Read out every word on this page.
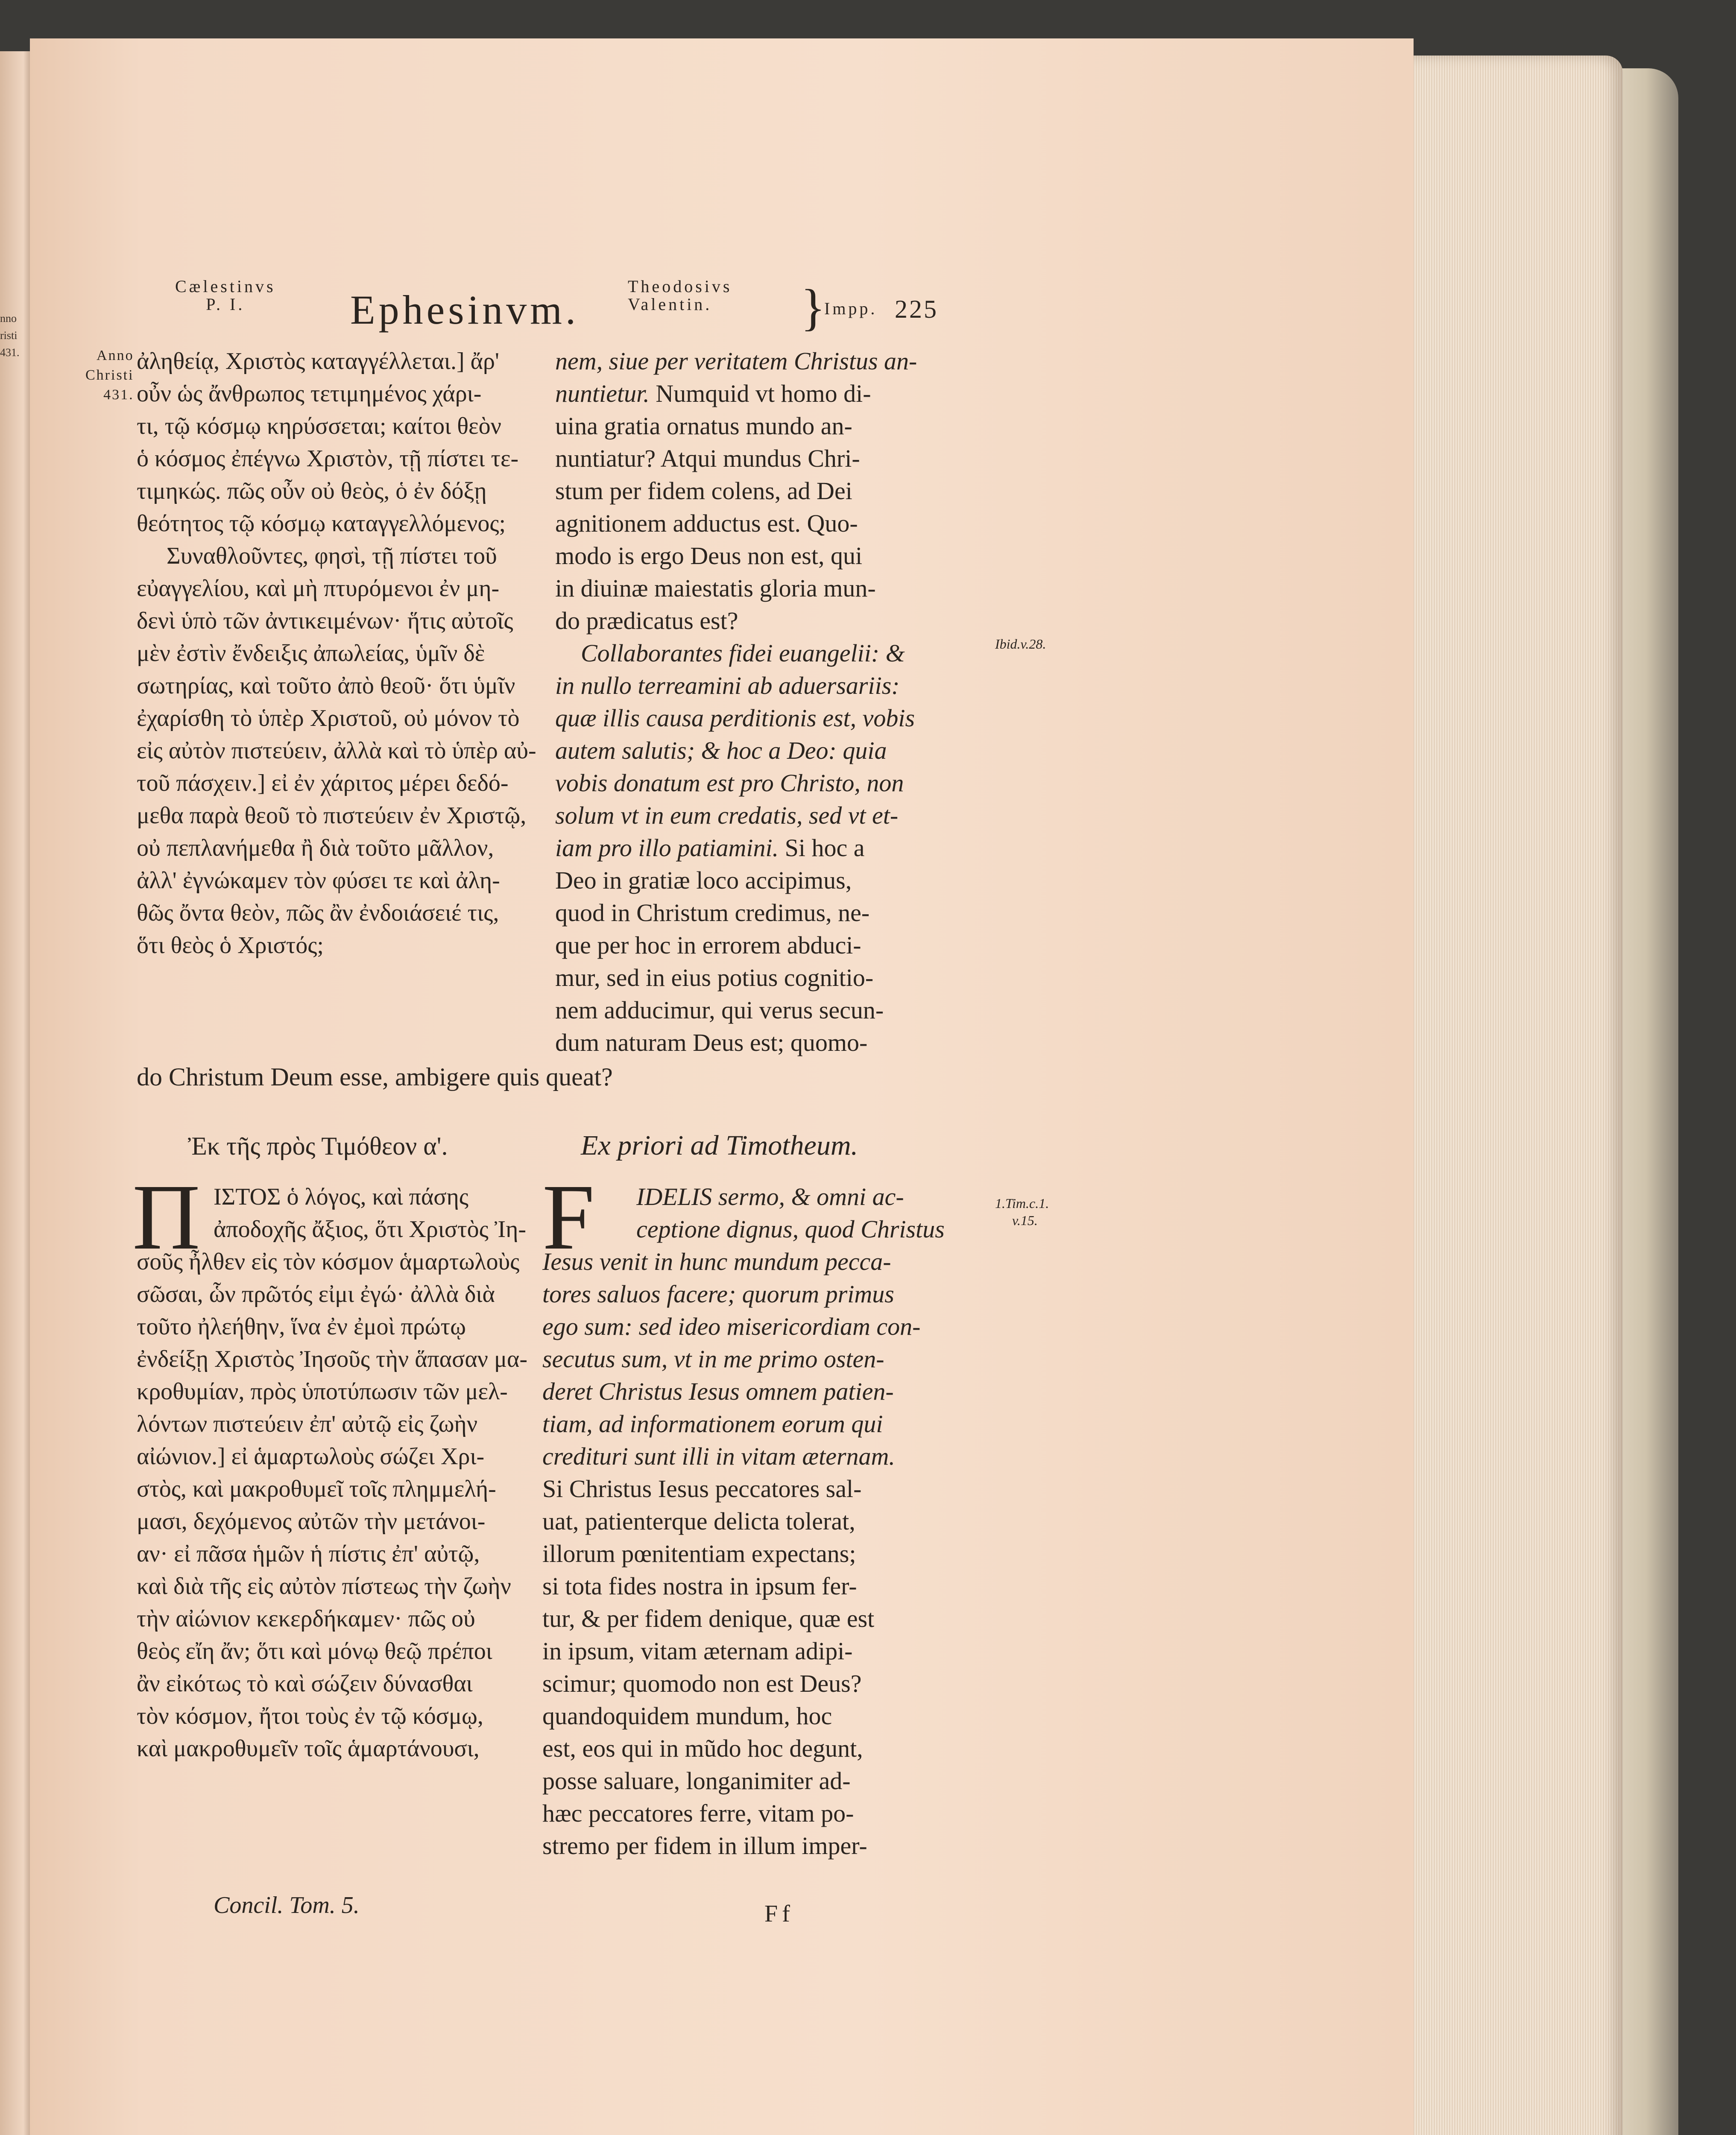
nno
risti
431.
Cælestinvs
P. I.	Ephesinvm.
Theodosivs
Valentin.	}
Impp. 225
Anno
Christi
431.
Ibid.v.28.
1.Tim.c.1.
v.15.
ἀληθείᾳ, Χριστὸς καταγγέλλεται.] ἄρ'
οὖν ὡς ἄνθρωπος τετιμημένος χάρι-
τι, τῷ κόσμῳ κηρύσσεται; καίτοι θεὸν
ὁ κόσμος ἐπέγνω Χριστὸν, τῇ πίστει τε-
τιμηκώς. πῶς οὖν οὐ θεὸς, ὁ ἐν δόξῃ
θεότητος τῷ κόσμῳ καταγγελλόμενος;
Συναθλοῦντες, φησὶ, τῇ πίστει τοῦ
εὐαγγελίου, καὶ μὴ πτυρόμενοι ἐν μη-
δενὶ ὑπὸ τῶν ἀντικειμένων· ἥτις αὐτοῖς
μὲν ἐστὶν ἔνδειξις ἀπωλείας, ὑμῖν δὲ
σωτηρίας, καὶ τοῦτο ἀπὸ θεοῦ· ὅτι ὑμῖν
ἐχαρίσθη τὸ ὑπὲρ Χριστοῦ, οὐ μόνον τὸ
εἰς αὐτὸν πιστεύειν, ἀλλὰ καὶ τὸ ὑπὲρ αὐ-
τοῦ πάσχειν.] εἰ ἐν χάριτος μέρει δεδό-
μεθα παρὰ θεοῦ τὸ πιστεύειν ἐν Χριστῷ,
οὐ πεπλανήμεθα ἢ διὰ τοῦτο μᾶλλον,
ἀλλ' ἐγνώκαμεν τὸν φύσει τε καὶ ἀλη-
θῶς ὄντα θεὸν, πῶς ἂν ἐνδοιάσειέ τις,
ὅτι θεὸς ὁ Χριστός;
nem, siue per veritatem Christus an-
nuntietur. Numquid vt homo di-
uina gratia ornatus mundo an-
nuntiatur? Atqui mundus Chri-
stum per fidem colens, ad Dei
agnitionem adductus est. Quo-
modo is ergo Deus non est, qui
in diuinæ maiestatis gloria mun-
do prædicatus est?
Collaborantes fidei euangelii: &
in nullo terreamini ab aduersariis:
quæ illis causa perditionis est, vobis
autem salutis; & hoc a Deo: quia
vobis donatum est pro Christo, non
solum vt in eum credatis, sed vt et-
iam pro illo patiamini. Si hoc a
Deo in gratiæ loco accipimus,
quod in Christum credimus, ne-
que per hoc in errorem abduci-
mur, sed in eius potius cognitio-
nem adducimur, qui verus secun-
dum naturam Deus est; quomo-
do Christum Deum esse, ambigere quis queat?
Ἐκ τῆς πρὸς Τιμόθεον α'.	Ex priori ad Timotheum.
Π ΙΣΤΟΣ ὁ λόγος, καὶ πάσης
ἀποδοχῆς ἄξιος, ὅτι Χριστὸς Ἰη-
σοῦς ἦλθεν εἰς τὸν κόσμον ἁμαρτωλοὺς
σῶσαι, ὧν πρῶτός εἰμι ἐγώ· ἀλλὰ διὰ
τοῦτο ἠλεήθην, ἵνα ἐν ἐμοὶ πρώτῳ
ἐνδείξῃ Χριστὸς Ἰησοῦς τὴν ἅπασαν μα-
κροθυμίαν, πρὸς ὑποτύπωσιν τῶν μελ-
λόντων πιστεύειν ἐπ' αὐτῷ εἰς ζωὴν
αἰώνιον.] εἰ ἁμαρτωλοὺς σώζει Χρι-
στὸς, καὶ μακροθυμεῖ τοῖς πλημμελή-
μασι, δεχόμενος αὐτῶν τὴν μετάνοι-
αν· εἰ πᾶσα ἡμῶν ἡ πίστις ἐπ' αὐτῷ,
καὶ διὰ τῆς εἰς αὐτὸν πίστεως τὴν ζωὴν
τὴν αἰώνιον κεκερδήκαμεν· πῶς οὐ
θεὸς εἴη ἄν; ὅτι καὶ μόνῳ θεῷ πρέποι
ἂν εἰκότως τὸ καὶ σώζειν δύνασθαι
τὸν κόσμον, ἤτοι τοὺς ἐν τῷ κόσμῳ,
καὶ μακροθυμεῖν τοῖς ἁμαρτάνουσι,
Concil. Tom. 5.
F IDELIS sermo, & omni ac-
ceptione dignus, quod Christus
Iesus venit in hunc mundum pecca-
tores saluos facere; quorum primus
ego sum: sed ideo misericordiam con-
secutus sum, vt in me primo osten-
deret Christus Iesus omnem patien-
tiam, ad informationem eorum qui
credituri sunt illi in vitam æternam.
Si Christus Iesus peccatores sal-
uat, patienterque delicta tolerat,
illorum pœnitentiam expectans;
si tota fides nostra in ipsum fer-
tur, & per fidem denique, quæ est
in ipsum, vitam æternam adipi-
scimur; quomodo non est Deus?
quandoquidem mundum, hoc
est, eos qui in mũdo hoc degunt,
posse saluare, longanimiter ad-
hæc peccatores ferre, vitam po-
stremo per fidem in illum imper-
Ff
